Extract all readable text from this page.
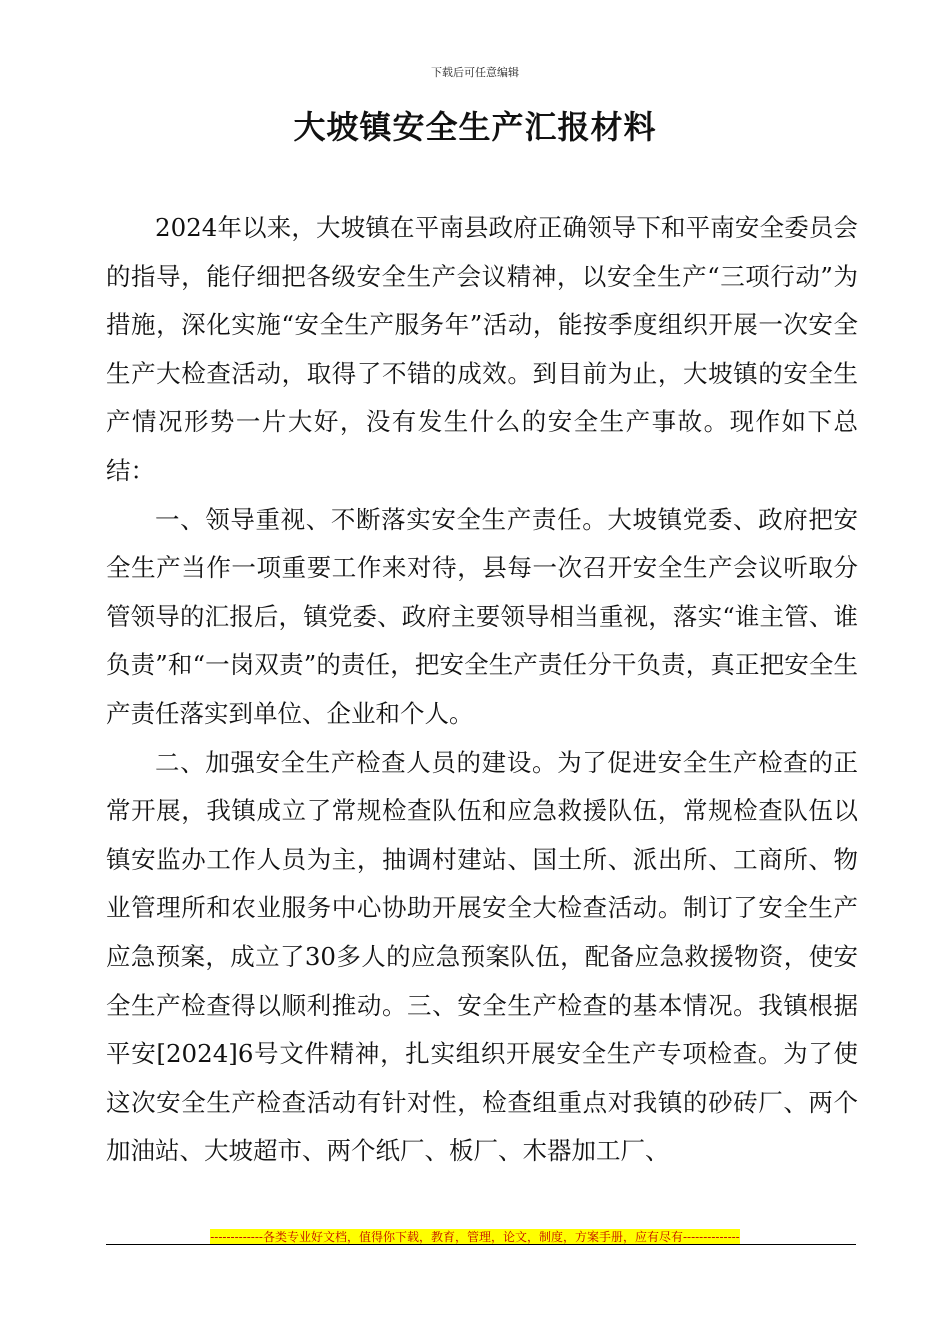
下载后可任意编辑
大坡镇安全生产汇报材料

2024年以来，大坡镇在平南县政府正确领导下和平南安全委员会的指导，能仔细把各级安全生产会议精神，以安全生产“三项行动”为措施，深化实施“安全生产服务年”活动，能按季度组织开展一次安全生产大检查活动，取得了不错的成效。到目前为止，大坡镇的安全生产情况形势一片大好，没有发生什么的安全生产事故。现作如下总结：

一、领导重视、不断落实安全生产责任。大坡镇党委、政府把安全生产当作一项重要工作来对待，县每一次召开安全生产会议听取分管领导的汇报后，镇党委、政府主要领导相当重视，落实“谁主管、谁负责”和“一岗双责”的责任，把安全生产责任分干负责，真正把安全生产责任落实到单位、企业和个人。

二、加强安全生产检查人员的建设。为了促进安全生产检查的正常开展，我镇成立了常规检查队伍和应急救援队伍，常规检查队伍以镇安监办工作人员为主，抽调村建站、国土所、派出所、工商所、物业管理所和农业服务中心协助开展安全大检查活动。制订了安全生产应急预案，成立了30多人的应急预案队伍，配备应急救援物资，使安全生产检查得以顺利推动。三、安全生产检查的基本情况。我镇根据平安[2024]6号文件精神，扎实组织开展安全生产专项检查。为了使这次安全生产检查活动有针对性，检查组重点对我镇的砂砖厂、两个加油站、大坡超市、两个纸厂、板厂、木器加工厂、

-------------各类专业好文档，值得你下载，教育，管理，论文，制度，方案手册，应有尽有--------------
